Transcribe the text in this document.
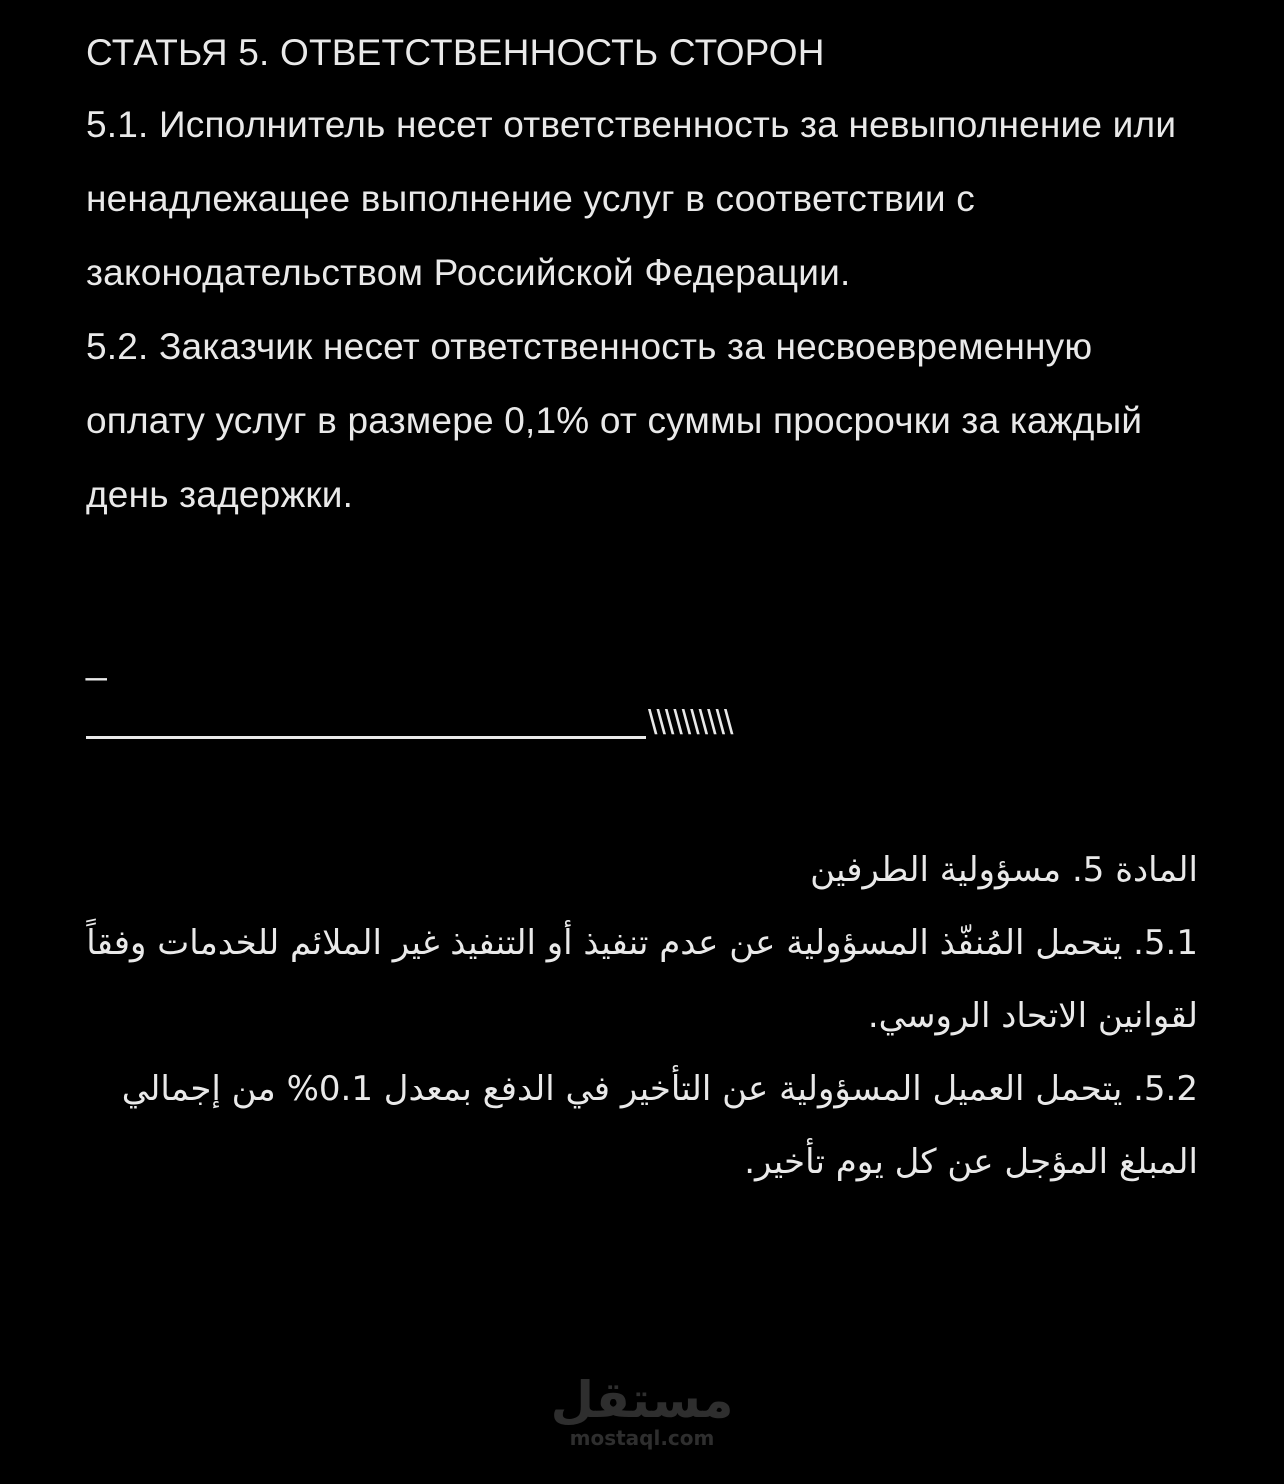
СТАТЬЯ 5. ОТВЕТСТВЕННОСТЬ СТОРОН

5.1. Исполнитель несет ответственность за невыполнение или ненадлежащее выполнение услуг в соответствии с законодательством Российской Федерации.

5.2. Заказчик несет ответственность за несвоевременную оплату услуг в размере 0,1% от суммы просрочки за каждый день задержки.

_
\\\\\\\\\\

المادة 5. مسؤولية الطرفين

5.1. يتحمل المُنفّذ المسؤولية عن عدم تنفيذ أو التنفيذ غير الملائم للخدمات وفقاً لقوانين الاتحاد الروسي.

5.2. يتحمل العميل المسؤولية عن التأخير في الدفع بمعدل 0.1% من إجمالي المبلغ المؤجل عن كل يوم تأخير.

مستقل
mostaql.com
